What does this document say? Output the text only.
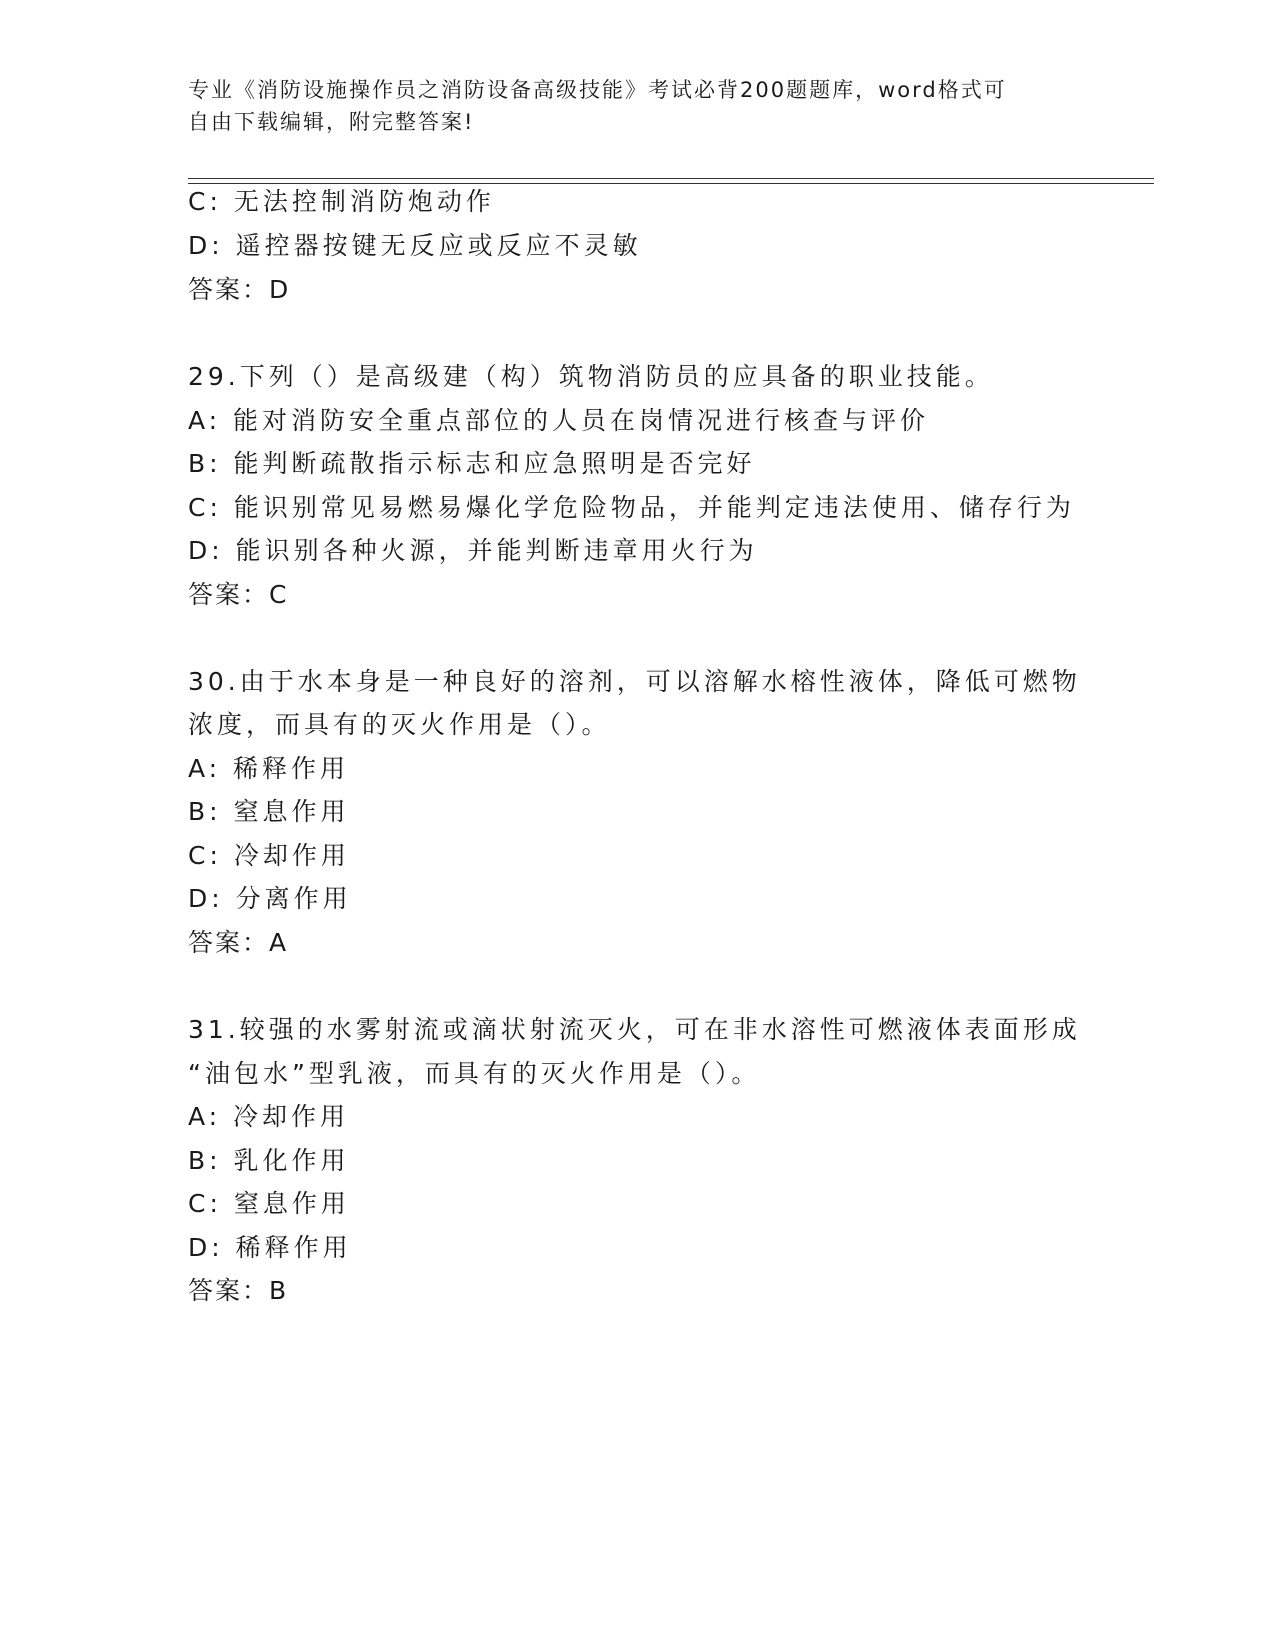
专业《消防设施操作员之消防设备高级技能》考试必背200题题库，word格式可
自由下载编辑，附完整答案!
C: 无法控制消防炮动作
D: 遥控器按键无反应或反应不灵敏
答案：D
29.下列（）是高级建（构）筑物消防员的应具备的职业技能。
A: 能对消防安全重点部位的人员在岗情况进行核查与评价
B: 能判断疏散指示标志和应急照明是否完好
C: 能识别常见易燃易爆化学危险物品，并能判定违法使用、储存行为
D: 能识别各种火源，并能判断违章用火行为
答案：C
30.由于水本身是一种良好的溶剂，可以溶解水榕性液体，降低可燃物
浓度，而具有的灭火作用是（）。
A: 稀释作用
B: 窒息作用
C: 冷却作用
D: 分离作用
答案：A
31.较强的水雾射流或滴状射流灭火，可在非水溶性可燃液体表面形成
“油包水”型乳液，而具有的灭火作用是（）。
A: 冷却作用
B: 乳化作用
C: 窒息作用
D: 稀释作用
答案：B
